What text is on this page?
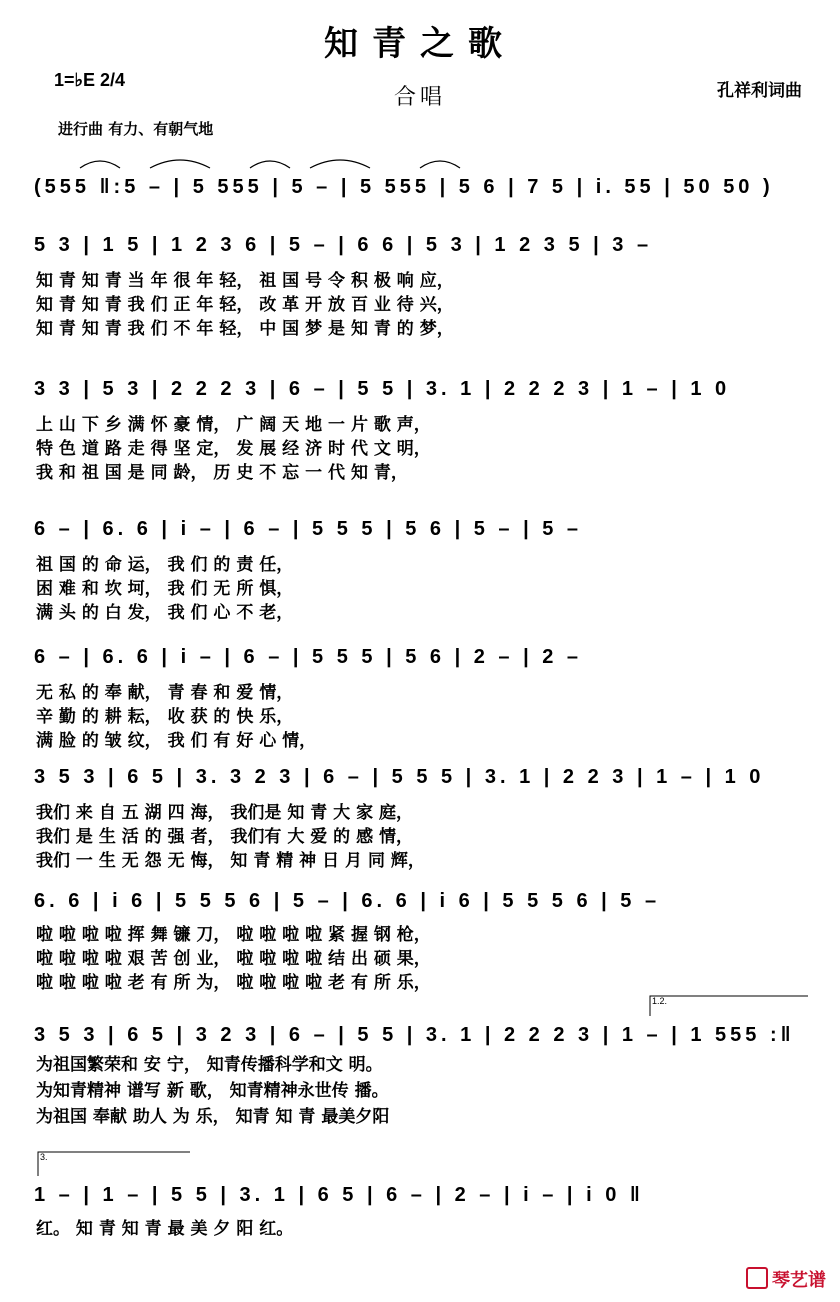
知青之歌
1=♭E 2/4
合唱	孔祥利词曲
进行曲 有力、有朝气地
(555 ‖:5 – | 5 555 | 5 – | 5 555 | 5 6 | 7 5 | i. 55 | 50 50 )
5 3 | 1 5 | 1 2 3 6 | 5 – | 6 6 | 5 3 | 1 2 3 5 | 3 –
知 青 知 青 当 年 很 年 轻， 祖 国 号 令 积 极 响 应，
知 青 知 青 我 们 正 年 轻， 改 革 开 放 百 业 待 兴，
知 青 知 青 我 们 不 年 轻， 中 国 梦 是 知 青 的 梦，
3 3 | 5 3 | 2 2 2 3 | 6 – | 5 5 | 3. 1 | 2 2 2 3 | 1 – | 1 0
上 山 下 乡 满 怀 豪 情， 广 阔 天 地 一 片 歌 声，
特 色 道 路 走 得 坚 定， 发 展 经 济 时 代 文 明，
我 和 祖 国 是 同 龄， 历 史 不 忘 一 代 知 青，
6 – | 6. 6 | i – | 6 – | 5 5 5 | 5 6 | 5 – | 5 –
祖 国 的 命 运， 我 们 的 责 任，
困 难 和 坎 坷， 我 们 无 所 惧，
满 头 的 白 发， 我 们 心 不 老，
6 – | 6. 6 | i – | 6 – | 5 5 5 | 5 6 | 2 – | 2 –
无 私 的 奉 献， 青 春 和 爱 情，
辛 勤 的 耕 耘， 收 获 的 快 乐，
满 脸 的 皱 纹， 我 们 有 好 心 情，
3 5 3 | 6 5 | 3. 3 2 3 | 6 – | 5 5 5 | 3. 1 | 2 2 3 | 1 – | 1 0
我们 来 自 五 湖 四 海， 我们是 知 青 大 家 庭，
我们 是 生 活 的 强 者， 我们有 大 爱 的 感 情，
我们 一 生 无 怨 无 悔， 知 青 精 神 日 月 同 辉，
6. 6 | i 6 | 5 5 5 6 | 5 – | 6. 6 | i 6 | 5 5 5 6 | 5 –
啦 啦 啦 啦 挥 舞 镰 刀， 啦 啦 啦 啦 紧 握 钢 枪，
啦 啦 啦 啦 艰 苦 创 业， 啦 啦 啦 啦 结 出 硕 果，
啦 啦 啦 啦 老 有 所 为， 啦 啦 啦 啦 老 有 所 乐，
1.2.
3 5 3 | 6 5 | 3 2 3 | 6 – | 5 5 | 3. 1 | 2 2 2 3 | 1 – | 1 555 :‖
为祖国繁荣和 安 宁， 知青传播科学和文 明。
为知青精神 谱写 新 歌， 知青精神永世传 播。
为祖国 奉献 助人 为 乐， 知青 知 青 最美夕阳
3.
1 – | 1 – | 5 5 | 3. 1 | 6 5 | 6 – | 2 – | i – | i 0 ‖
红。 知 青 知 青 最 美 夕 阳 红。
琴艺谱
